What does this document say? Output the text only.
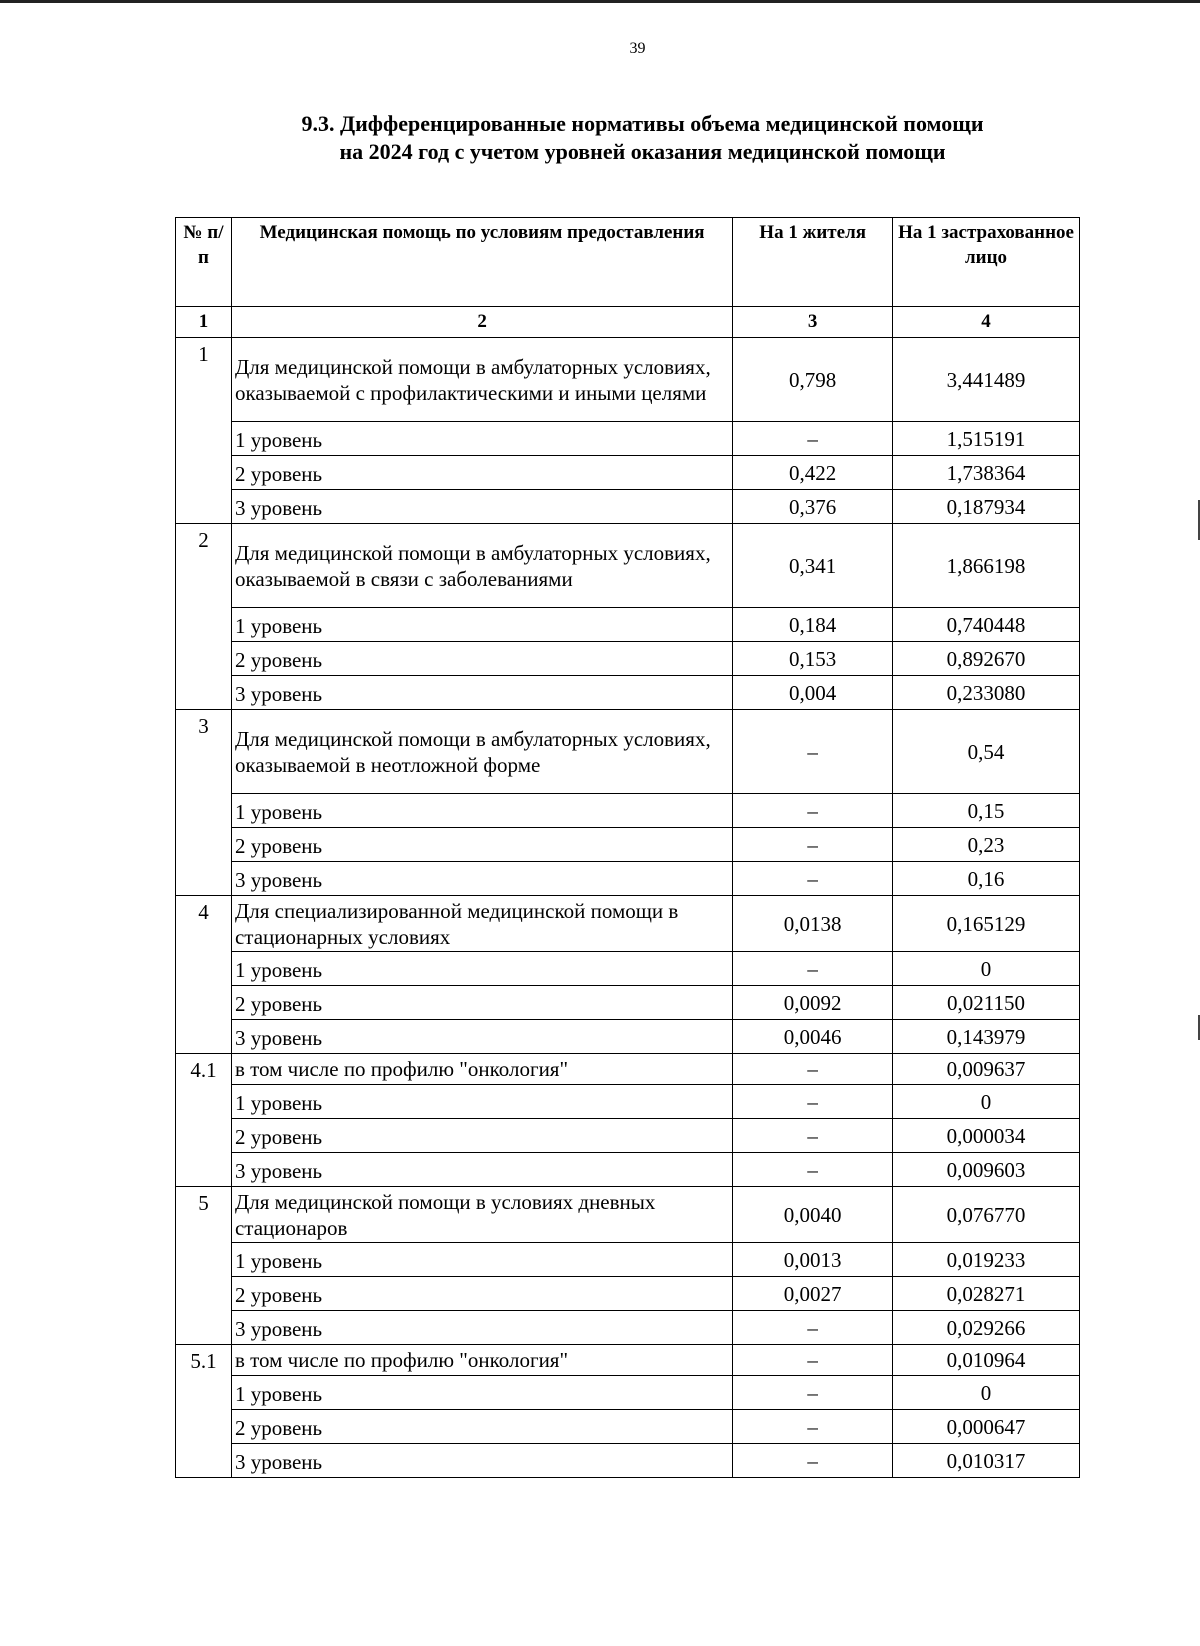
39
9.3. Дифференцированные нормативы объема медицинской помощи
на 2024 год с учетом уровней оказания медицинской помощи
№ п/п	Медицинская помощь по условиям предоставления	На 1 жителя	На 1 застрахованное лицо
1	2	3	4
1	Для медицинской помощи в амбулаторных условиях, оказываемой с профилактическими и иными целями	0,798	3,441489
	1 уровень	–	1,515191
	2 уровень	0,422	1,738364
	3 уровень	0,376	0,187934
2	Для медицинской помощи в амбулаторных условиях, оказываемой в связи с заболеваниями	0,341	1,866198
	1 уровень	0,184	0,740448
	2 уровень	0,153	0,892670
	3 уровень	0,004	0,233080
3	Для медицинской помощи в амбулаторных условиях, оказываемой в неотложной форме	–	0,54
	1 уровень	–	0,15
	2 уровень	–	0,23
	3 уровень	–	0,16
4	Для специализированной медицинской помощи в стационарных условиях	0,0138	0,165129
	1 уровень	–	0
	2 уровень	0,0092	0,021150
	3 уровень	0,0046	0,143979
4.1	в том числе по профилю "онкология"	–	0,009637
	1 уровень	–	0
	2 уровень	–	0,000034
	3 уровень	–	0,009603
5	Для медицинской помощи в условиях дневных стационаров	0,0040	0,076770
	1 уровень	0,0013	0,019233
	2 уровень	0,0027	0,028271
	3 уровень	–	0,029266
5.1	в том числе по профилю "онкология"	–	0,010964
	1 уровень	–	0
	2 уровень	–	0,000647
	3 уровень	–	0,010317
